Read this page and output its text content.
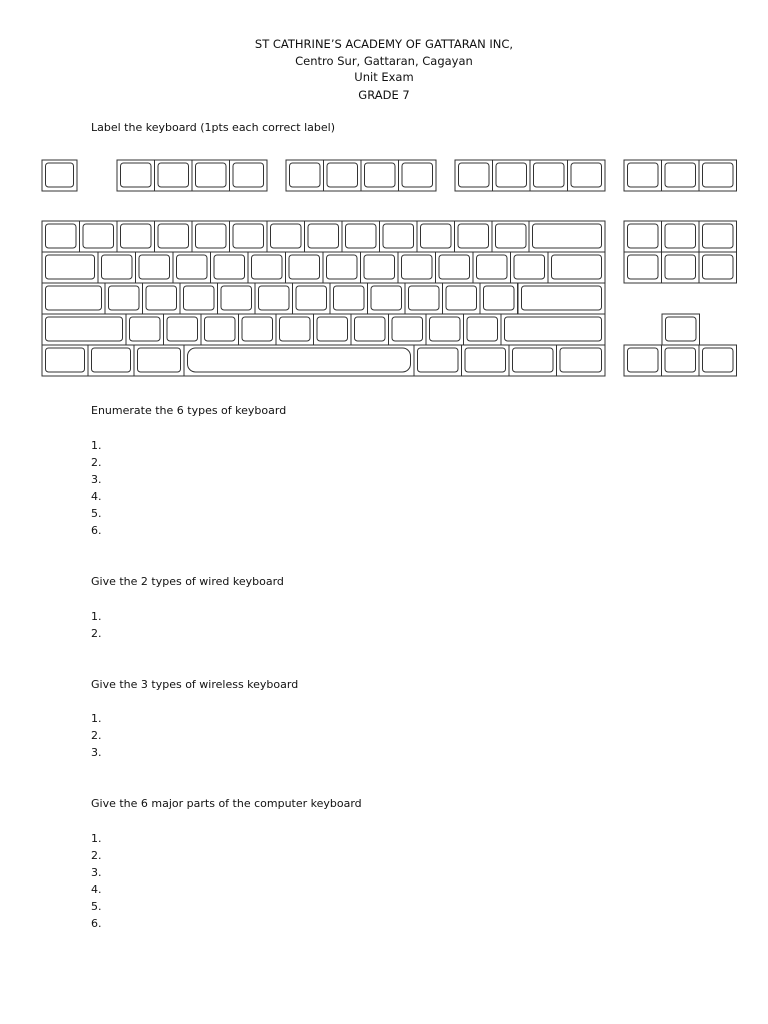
ST CATHRINE’S ACADEMY OF GATTARAN INC,
Centro Sur, Gattaran, Cagayan
Unit Exam
GRADE 7
Label the keyboard (1pts each correct label)
Enumerate the 6 types of keyboard
1.
2.
3.
4.
5.
6.
Give the 2 types of wired keyboard
1.
2.
Give the 3 types of wireless keyboard
1.
2.
3.
Give the 6 major parts of the computer keyboard
1.
2.
3.
4.
5.
6.
